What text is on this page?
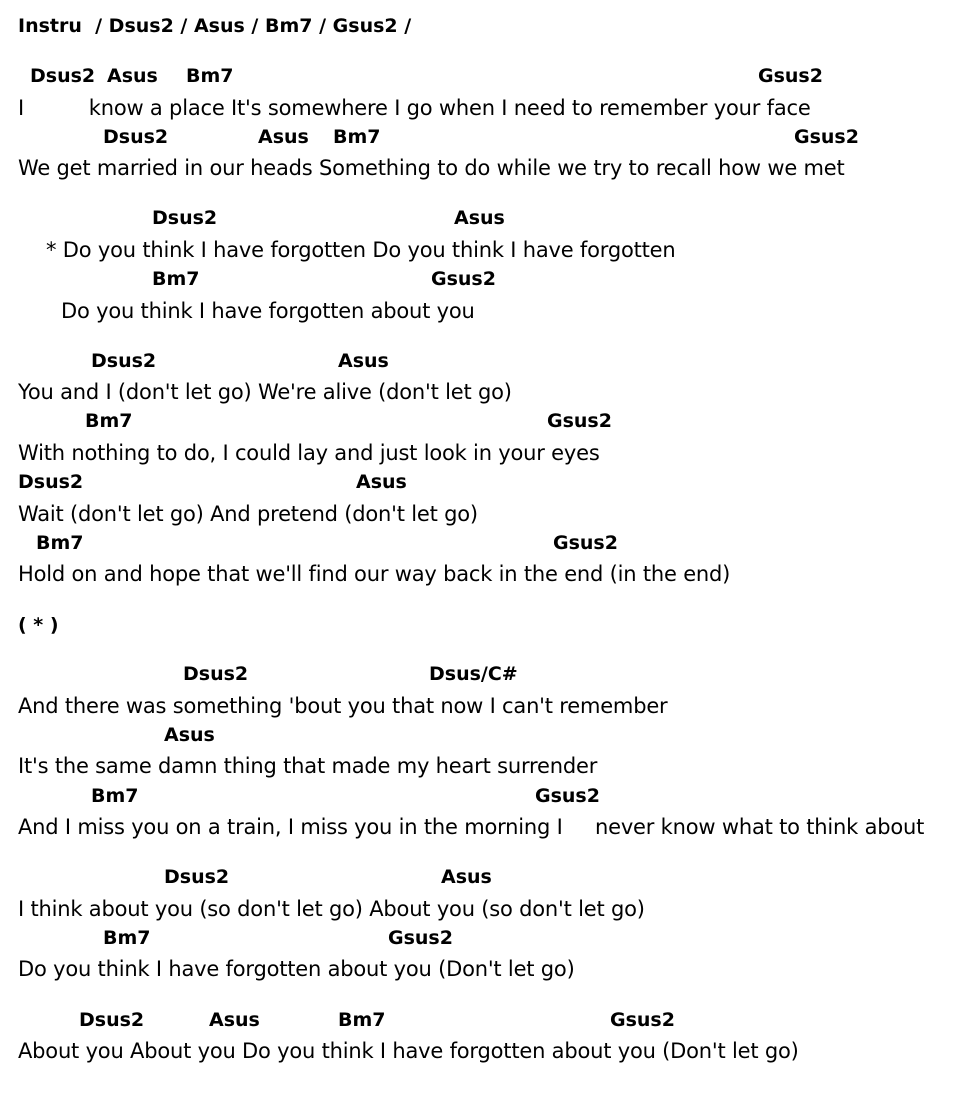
Instru  / Dsus2 / Asus / Bm7 / Gsus2 /
Dsus2 Asus Bm7	Gsus2
I          know a place It's somewhere I go when I need to remember your face
Dsus2	Asus Bm7	Gsus2
We get married in our heads Something to do while we try to recall how we met
Dsus2	Asus
* Do you think I have forgotten Do you think I have forgotten
Bm7	Gsus2
Do you think I have forgotten about you
Dsus2	Asus
You and I (don't let go) We're alive (don't let go)
Bm7	Gsus2
With nothing to do, I could lay and just look in your eyes
Dsus2	Asus
Wait (don't let go) And pretend (don't let go)
Bm7	Gsus2
Hold on and hope that we'll find our way back in the end (in the end)
( * )
Dsus2	Dsus/C#
And there was something 'bout you that now I can't remember
Asus
It's the same damn thing that made my heart surrender
Bm7	Gsus2
And I miss you on a train, I miss you in the morning I     never know what to think about
Dsus2	Asus
I think about you (so don't let go) About you (so don't let go)
Bm7	Gsus2
Do you think I have forgotten about you (Don't let go)
Dsus2	Asus	Bm7	Gsus2
About you About you Do you think I have forgotten about you (Don't let go)
